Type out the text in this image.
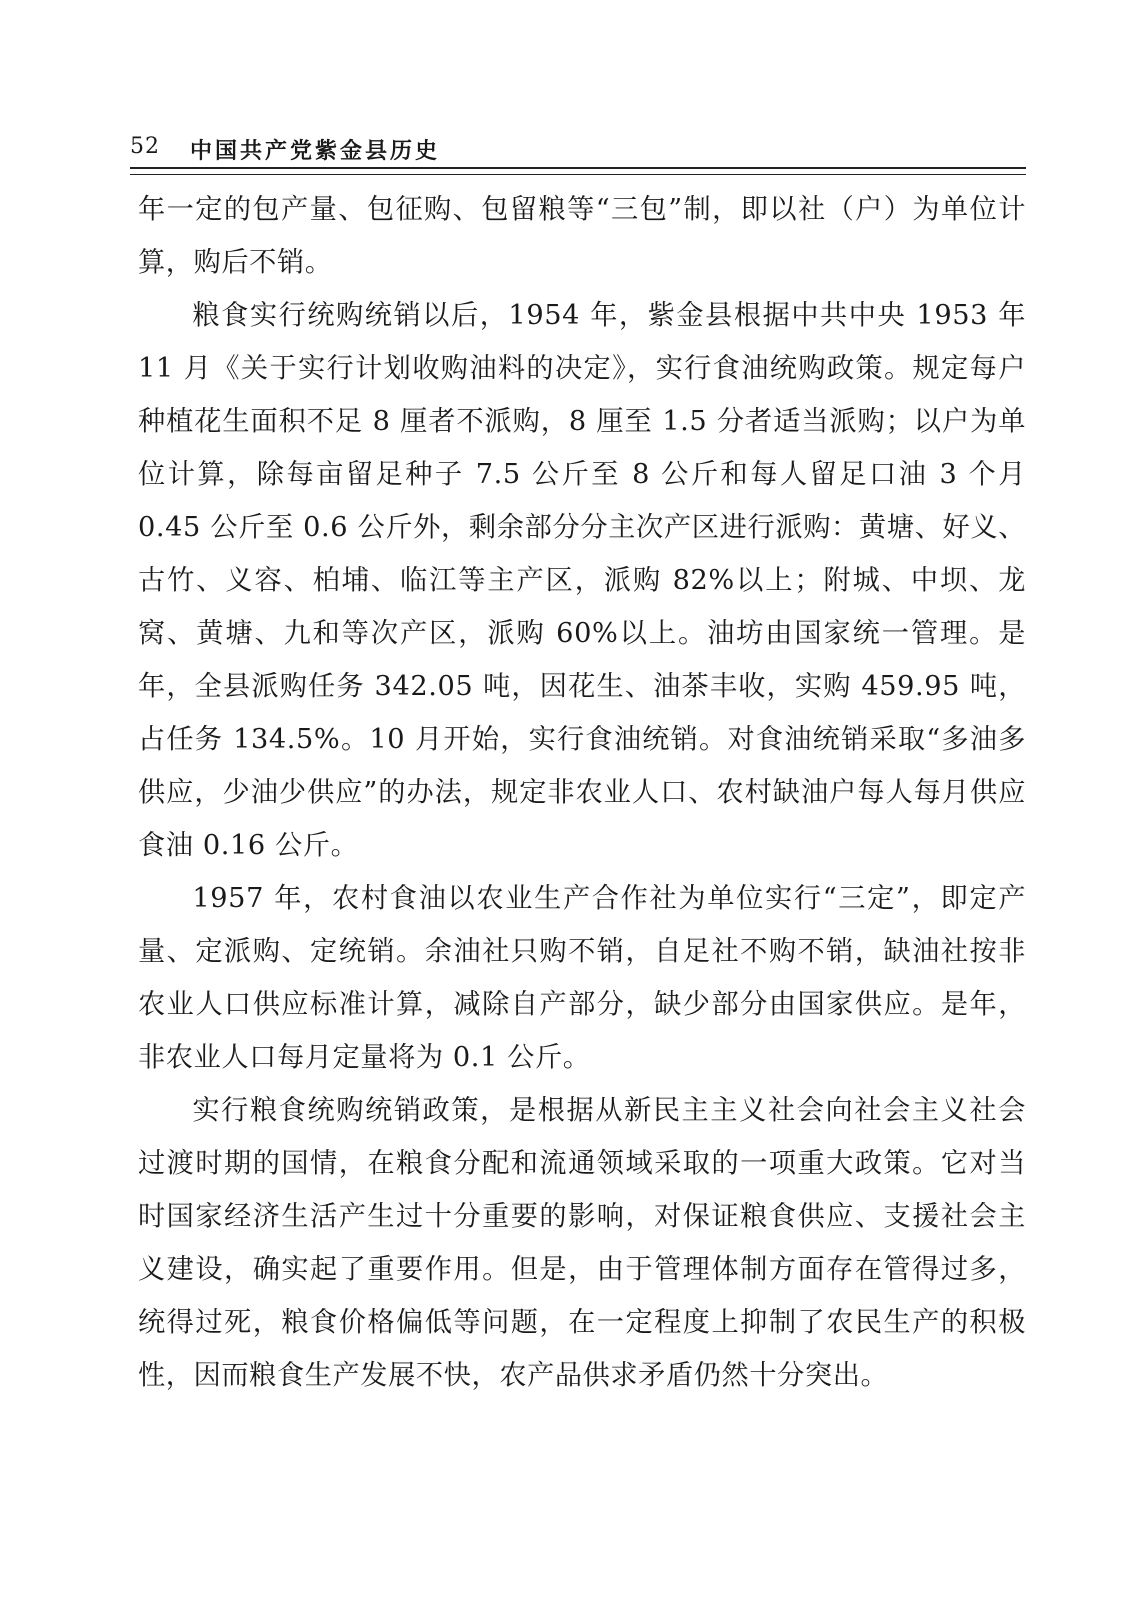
52 中国共产党紫金县历史

年一定的包产量、包征购、包留粮等“三包”制，即以社（户）为单位计算，购后不销。

粮食实行统购统销以后，1954 年，紫金县根据中共中央 1953 年 11 月《关于实行计划收购油料的决定》，实行食油统购政策。规定每户种植花生面积不足 8 厘者不派购，8 厘至 1.5 分者适当派购；以户为单位计算，除每亩留足种子 7.5 公斤至 8 公斤和每人留足口油 3 个月 0.45 公斤至 0.6 公斤外，剩余部分分主次产区进行派购：黄塘、好义、古竹、义容、柏埔、临江等主产区，派购 82%以上；附城、中坝、龙窝、黄塘、九和等次产区，派购 60%以上。油坊由国家统一管理。是年，全县派购任务 342.05 吨，因花生、油茶丰收，实购 459.95 吨，占任务 134.5%。10 月开始，实行食油统销。对食油统销采取“多油多供应，少油少供应”的办法，规定非农业人口、农村缺油户每人每月供应食油 0.16 公斤。

1957 年，农村食油以农业生产合作社为单位实行“三定”，即定产量、定派购、定统销。余油社只购不销，自足社不购不销，缺油社按非农业人口供应标准计算，减除自产部分，缺少部分由国家供应。是年，非农业人口每月定量将为 0.1 公斤。

实行粮食统购统销政策，是根据从新民主主义社会向社会主义社会过渡时期的国情，在粮食分配和流通领域采取的一项重大政策。它对当时国家经济生活产生过十分重要的影响，对保证粮食供应、支援社会主义建设，确实起了重要作用。但是，由于管理体制方面存在管得过多，统得过死，粮食价格偏低等问题，在一定程度上抑制了农民生产的积极性，因而粮食生产发展不快，农产品供求矛盾仍然十分突出。
